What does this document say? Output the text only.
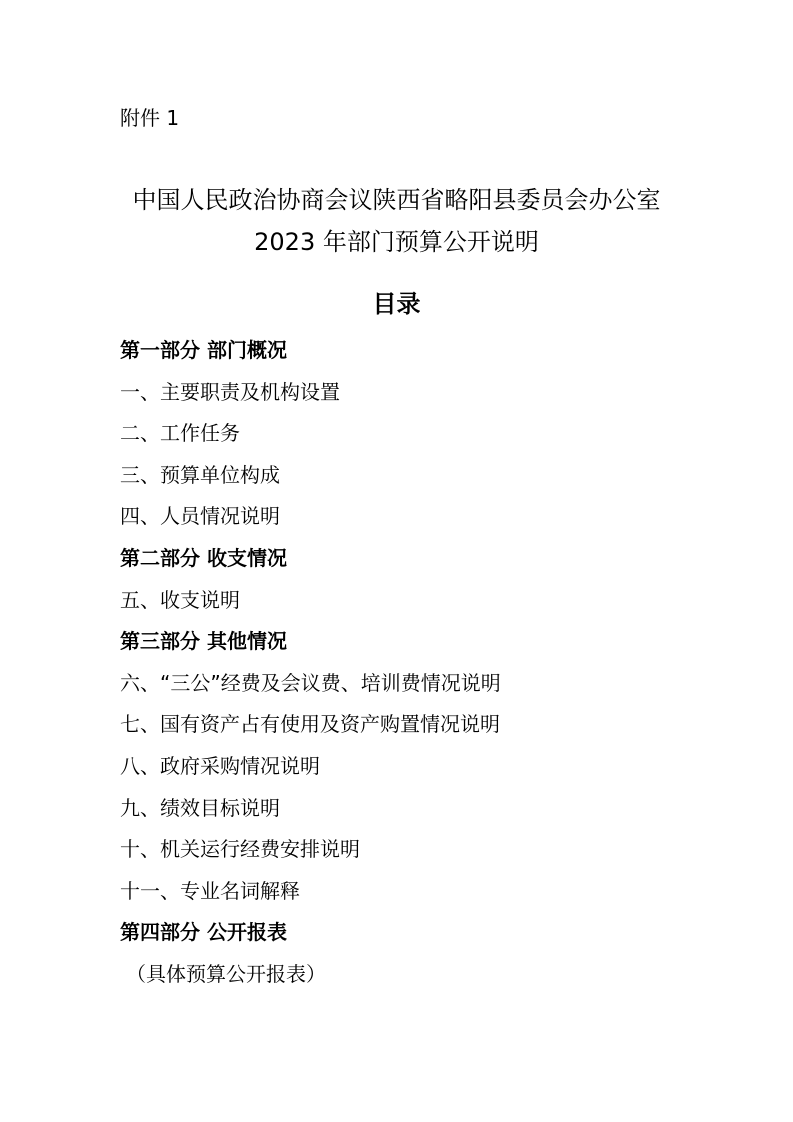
附件 1
中国人民政治协商会议陕西省略阳县委员会办公室
2023 年部门预算公开说明
目录
第一部分 部门概况
一、主要职责及机构设置
二、工作任务
三、预算单位构成
四、人员情况说明
第二部分 收支情况
五、收支说明
第三部分 其他情况
六、“三公”经费及会议费、培训费情况说明
七、国有资产占有使用及资产购置情况说明
八、政府采购情况说明
九、绩效目标说明
十、机关运行经费安排说明
十一、专业名词解释
第四部分 公开报表
（具体预算公开报表）
